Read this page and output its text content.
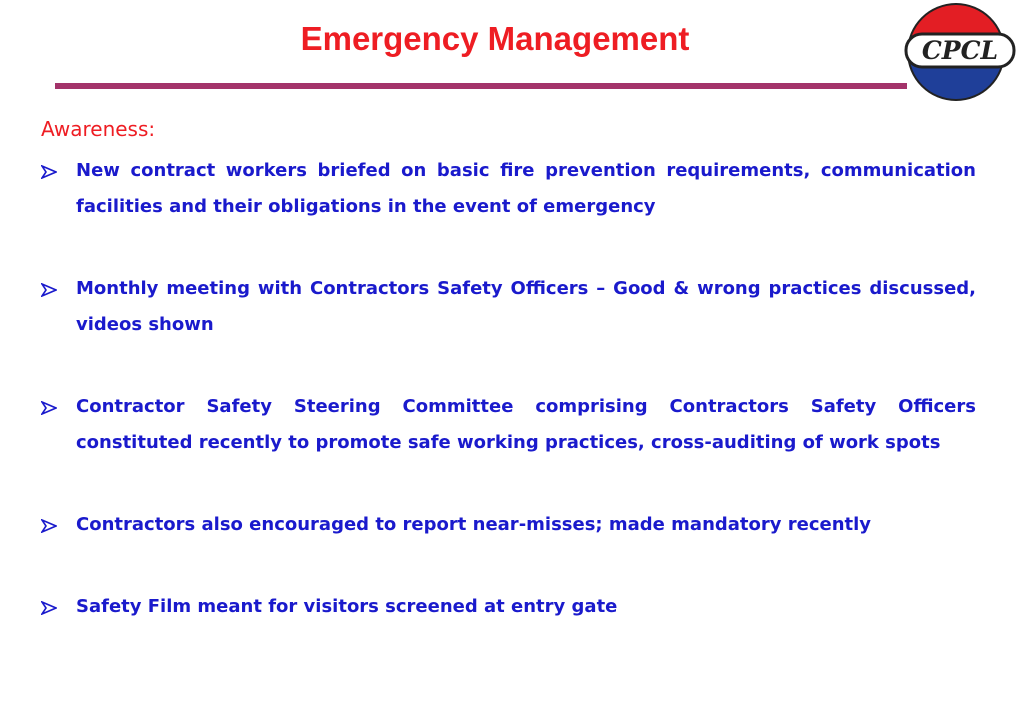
Emergency Management	CPCL
Awareness:
New contract workers briefed on basic fire prevention requirements, communication facilities and their obligations in the event of emergency
Monthly meeting with Contractors Safety Officers – Good & wrong practices discussed, videos shown
Contractor Safety Steering Committee comprising Contractors Safety Officers constituted recently to promote safe working practices, cross-auditing of work spots
Contractors also encouraged to report near-misses; made mandatory recently
Safety Film meant for visitors screened at entry gate
